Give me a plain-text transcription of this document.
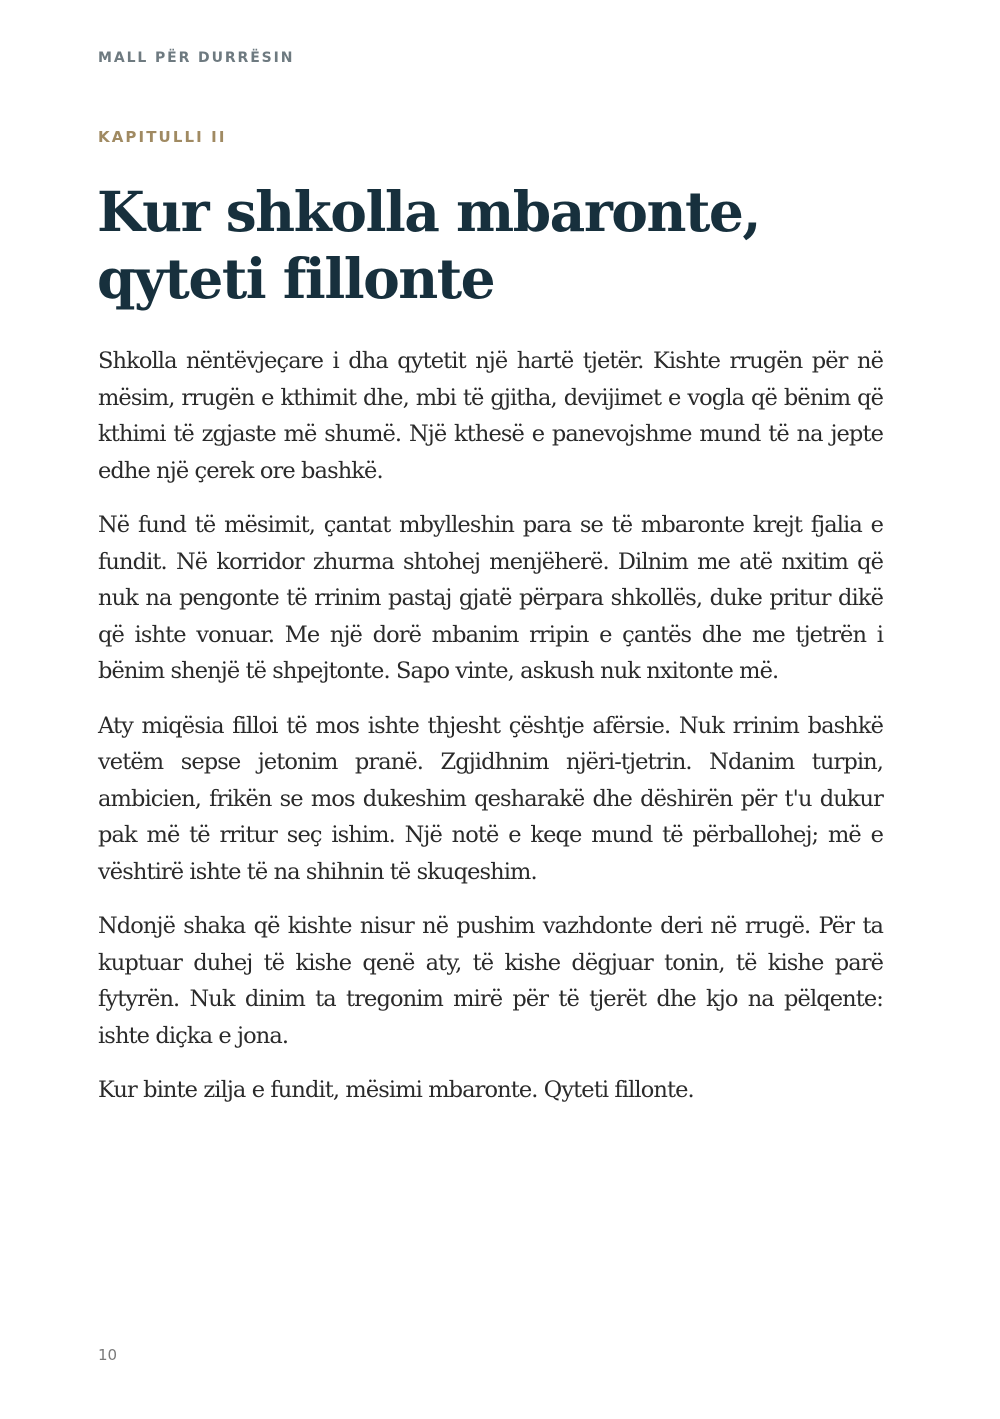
MALL PËR DURRËSIN
KAPITULLI II
Kur shkolla mbaronte,
qyteti fillonte

Shkolla nëntëvjeçare i dha qytetit një hartë tjetër. Kishte rrugën për në mësim, rrugën e kthimit dhe, mbi të gjitha, devijimet e vogla që bënim që kthimi të zgjaste më shumë. Një kthesë e panevojshme mund të na jepte edhe një çerek ore bashkë.

Në fund të mësimit, çantat mbylleshin para se të mbaronte krejt fjalia e fundit. Në korridor zhurma shtohej menjëherë. Dilnim me atë nxitim që nuk na pengonte të rrinim pastaj gjatë përpara shkollës, duke pritur dikë që ishte vonuar. Me një dorë mbanim rripin e çantës dhe me tjetrën i bënim shenjë të shpejtonte. Sapo vinte, askush nuk nxitonte më.

Aty miqësia filloi të mos ishte thjesht çështje afërsie. Nuk rrinim bashkë vetëm sepse jetonim pranë. Zgjidhnim njëri-tjetrin. Ndanim turpin, ambicien, frikën se mos dukeshim qesharakë dhe dëshirën për t'u dukur pak më të rritur seç ishim. Një notë e keqe mund të përballohej; më e vështirë ishte të na shihnin të skuqeshim.

Ndonjë shaka që kishte nisur në pushim vazhdonte deri në rrugë. Për ta kuptuar duhej të kishe qenë aty, të kishe dëgjuar tonin, të kishe parë fytyrën. Nuk dinim ta tregonim mirë për të tjerët dhe kjo na pëlqente: ishte diçka e jona.

Kur binte zilja e fundit, mësimi mbaronte. Qyteti fillonte.

10
